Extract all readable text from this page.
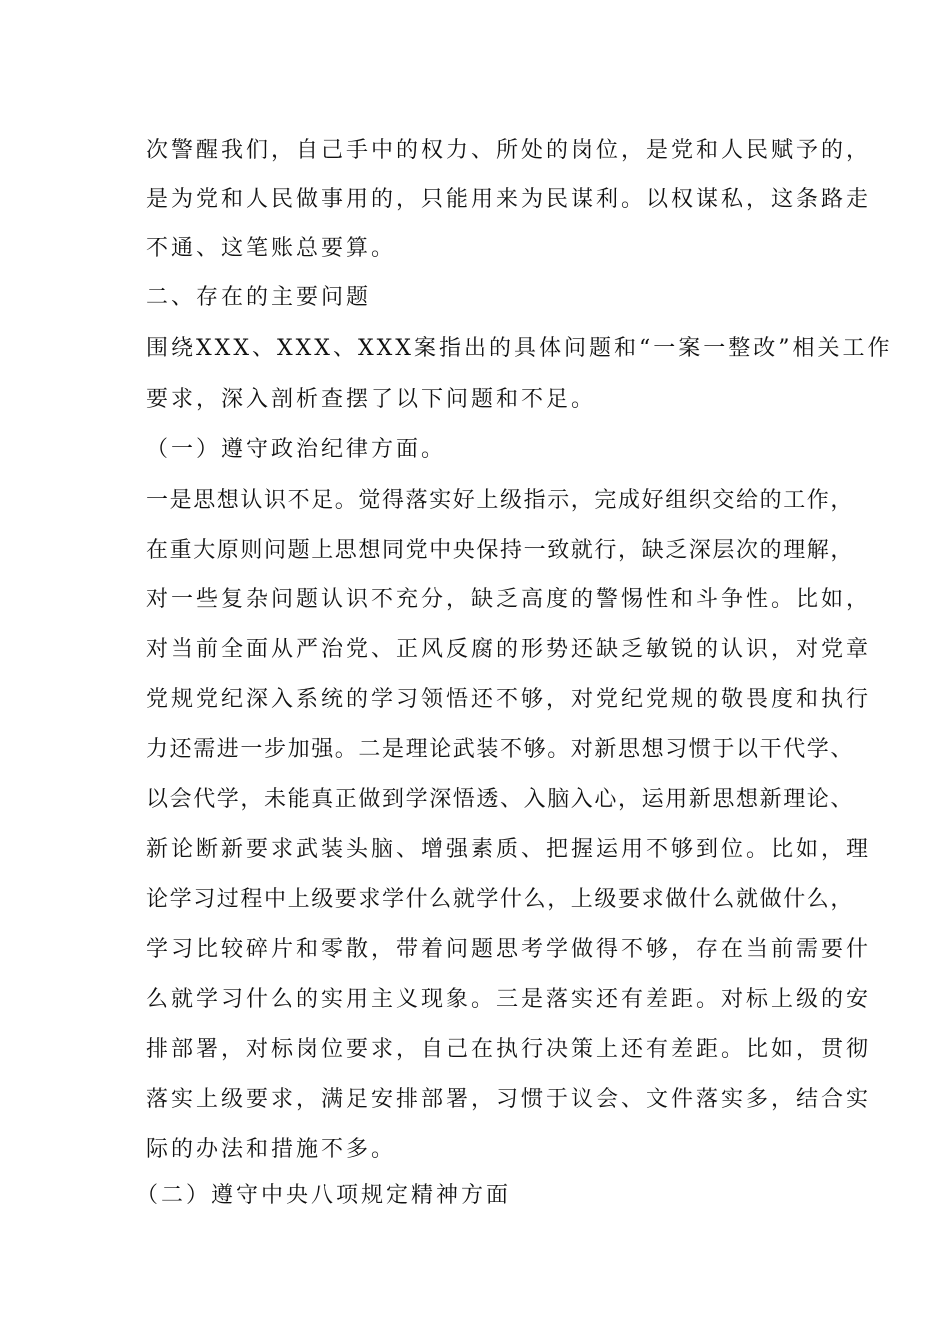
次警醒我们，自己手中的权力、所处的岗位，是党和人民赋予的，
是为党和人民做事用的，只能用来为民谋利。以权谋私，这条路走
不通、这笔账总要算。
二、存在的主要问题
围绕XXX、XXX、XXX案指出的具体问题和“一案一整改”相关工作
要求，深入剖析查摆了以下问题和不足。
（一）遵守政治纪律方面。
一是思想认识不足。觉得落实好上级指示，完成好组织交给的工作，
在重大原则问题上思想同党中央保持一致就行，缺乏深层次的理解，
对一些复杂问题认识不充分，缺乏高度的警惕性和斗争性。比如，
对当前全面从严治党、正风反腐的形势还缺乏敏锐的认识，对党章
党规党纪深入系统的学习领悟还不够，对党纪党规的敬畏度和执行
力还需进一步加强。二是理论武装不够。对新思想习惯于以干代学、
以会代学，未能真正做到学深悟透、入脑入心，运用新思想新理论、
新论断新要求武装头脑、增强素质、把握运用不够到位。比如，理
论学习过程中上级要求学什么就学什么，上级要求做什么就做什么，
学习比较碎片和零散，带着问题思考学做得不够，存在当前需要什
么就学习什么的实用主义现象。三是落实还有差距。对标上级的安
排部署，对标岗位要求，自己在执行决策上还有差距。比如，贯彻
落实上级要求，满足安排部署，习惯于议会、文件落实多，结合实
际的办法和措施不多。
（二）遵守中央八项规定精神方面
